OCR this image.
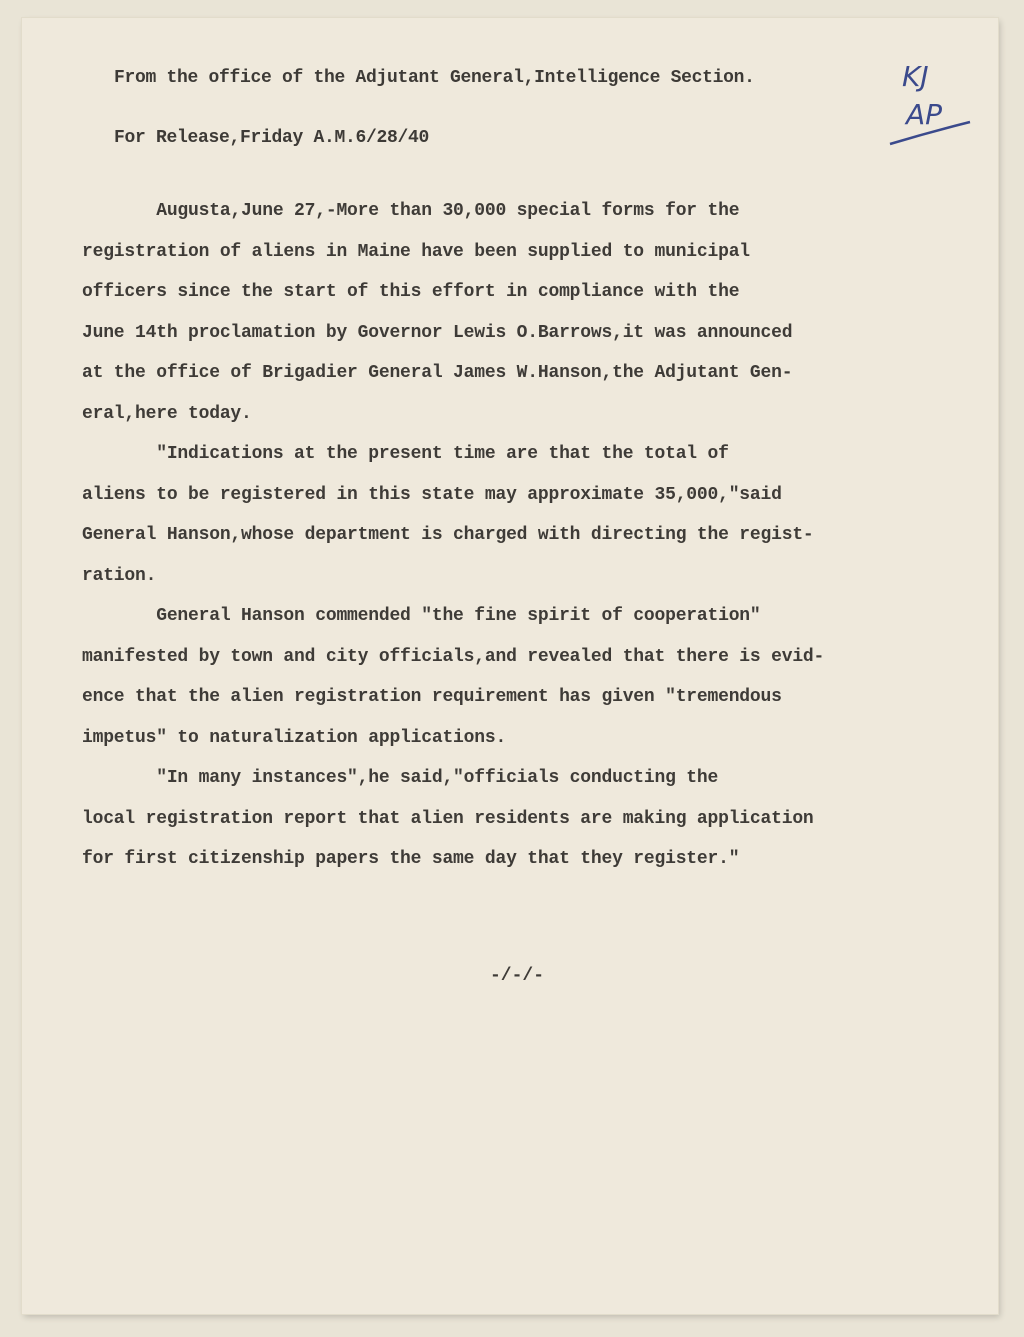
From the office of the Adjutant General,Intelligence Section.

For Release,Friday A.M.6/28/40

KJ
AP

Augusta,June 27,-More than 30,000 special forms for the

registration of aliens in Maine have been supplied to municipal

officers since the start of this effort in compliance with the

June 14th proclamation by Governor Lewis O.Barrows,it was announced

at the office of Brigadier General James W.Hanson,the Adjutant Gen-

eral,here today.

"Indications at the present time are that the total of

aliens to be registered in this state may approximate 35,000,"said

General Hanson,whose department is charged with directing the regist-

ration.

General Hanson commended "the fine spirit of cooperation"

manifested by town and city officials,and revealed that there is evid-

ence that the alien registration requirement has given "tremendous

impetus" to naturalization applications.

"In many instances",he said,"officials conducting the

local registration report that alien residents are making application

for first citizenship papers the same day that they register."

-/-/-
